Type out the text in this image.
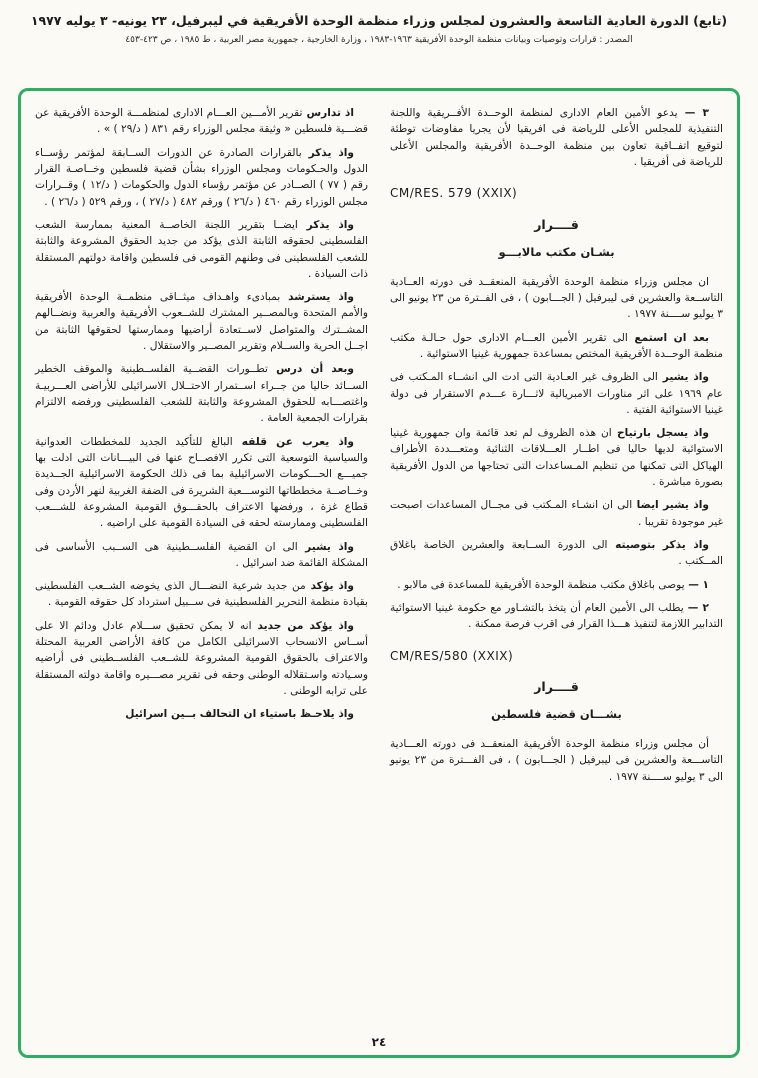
(تابع) الدورة العادية التاسعة والعشرون لمجلس وزراء منظمة الوحدة الأفريقية في ليبرفيل، ٢٣ يونيه- ٣ يوليه ١٩٧٧
المصدر : قرارات وتوصيات وبيانات منظمة الوحدة الأفريقية ١٩٦٣-١٩٨٣ ، وزارة الخارجية ، جمهورية مصر العربية ، ط ١٩٨٥ ، ص ٤٢٣-٤٥٣
٣ — يدعو الأمين العام الادارى لمنظمة الوحــدة الأفــريقية واللجنة التنفيذية للمجلس الأعلى للرياضة فى افريقيا لأن يجريا مفاوضات توطئة لتوقيع اتفــاقية تعاون بين منظمة الوحــدة الأفريقية والمجلس الأعلى للرياضة فى أفريقيا .
CM/RES. 579 (XXIX)
قــــرار
بشـان مكتب مالابـــو
ان مجلس وزراء منظمة الوحدة الأفريقية المنعقــد فى دورته العــادية التاســعة والعشرين فى ليبرفيل ( الجـــابون ) ، فى الفــترة من ٢٣ يونيو الى ٣ يوليو ســــنة ١٩٧٧ .
بعد ان استمع الى تقرير الأمين العـــام الادارى حول حـالـة مكتب منظمة الوحــدة الأفريقية المختص بمساعدة جمهورية غينيا الاستوائية .
واذ يشير الى الظروف غير العـادية التى ادت الى انشــاء المـكتب فى عام ١٩٦٩ على اثر مناورات الامبريالية لاثـــارة عـــدم الاستقرار فى دولة غينيا الاستوائية الفتية .
واذ يسجل بارتياح ان هذه الظروف لم تعد قائمة وان جمهورية غينيا الاستوائية لديها حاليا فى اطــار العـــلاقات الثنائية ومتعـــددة الأطراف الهياكل التى تمكنها من تنظيم المـساعدات التى تحتاجها من الدول الأفريقية بصورة مباشرة .
واذ يشير ايضا الى ان انشـاء المـكتب فى مجــال المساعدات اصبحت غير موجودة تقريبا .
واذ يذكر بتوصيته الى الدورة الســابعة والعشرين الخاصة باغلاق المــكتب .
١ — يوصى باغلاق مكتب منظمة الوحدة الأفريقية للمساعدة فى مالابو .
٢ — يطلب الى الأمين العام أن يتخذ بالتشـاور مع حكومة غينيا الاستوائية التدابير اللازمة لتنفيذ هـــذا القرار فى اقرب فرصة ممكنة .
CM/RES/580 (XXIX)
قــــرار
بشـــان قضية فلسطين
أن مجلس وزراء منظمة الوحدة الأفريقية المنعقــد فى دورته العـــادية التاســـعة والعشرين فى ليبرفيل ( الجـــابون ) ، فى الفـــترة من ٢٣ يونيو الى ٣ يوليو ســــنة ١٩٧٧ .
اذ تدارس تقرير الأمـــين العـــام الادارى لمنظمـــة الوحدة الأفريقية عن قضـــية فلسطين « وثيقة مجلس الوزراء رقم ٨٣١ ( د/٢٩ ) » .
واذ يذكر بالقرارات الصادرة عن الدورات الســابقة لمؤتمر رؤســاء الدول والحـكومات ومجلس الوزراء بشأن قضية فلسطين وخــاصـة القرار رقم ( ٧٧ ) الصــادر عن مؤتمر رؤساء الدول والحكومات ( د/١٢ ) وقــرارات مجلس الوزراء رقم ٤٦٠ ( د/٢٦ ) ورقم ٤٨٢ ( د/٢٧ ) ، ورقم ٥٢٩ ( د/٢٦ ) .
واذ يذكر ايضــا بتقرير اللجنة الخاصــة المعنية بممارسة الشعب الفلسطينى لحقوقه الثابتة الذى يؤكد من جديد الحقوق المشروعة والثابتة للشعب الفلسطينى فى وطنهم القومى فى فلسطين واقامة دولتهم المستقلة ذات السيادة .
واذ يسترشد بمبادىء واهـداف ميثــاقى منظمــة الوحدة الأفريقية والأمم المتحدة وبالمصــير المشترك للشــعوب الأفريقية والعربية ونضــالهم المشــترك والمتواصل لاســتعادة أراضيها وممارستها لحقوقها الثابتة من اجــل الحرية والســلام وتقرير المصــير والاستقلال .
وبعد أن درس تطــورات القضــية الفلســطينية والموقف الخطير الســائد حاليا من جــراء اســتمرار الاحتــلال الاسرائيلى للأراضى العـــربيـة واغتصـــابه للحقوق المشروعة والثابتة للشعب الفلسطينى ورفضه الالتزام بقرارات الجمعية العامة .
واذ يعرب عن قلقه البالغ للتأكيد الجديد للمخططات العدوانية والسياسية التوسعية التى تكرر الافصــاح عنها فى البيـــانات التى ادلت بها جميـــع الحـــكومات الاسرائيلية بما فى ذلك الحكومة الاسرائيلية الجــديدة وخــاصــة مخططاتها التوســـعية الشريرة فى الضفة الغربية لنهر الأردن وفى قطاع غزة ، ورفضها الاعتراف بالحقـــوق القومية المشروعة للشـــعب الفلسطينى وممارسته لحقه فى السيادة القومية على اراضيه .
واذ يشير الى ان القضية الفلســطينية هى الســبب الأساسى فى المشكلة القائمة ضد اسرائيل .
واذ يؤكد من جديد شرعية النضـــال الذى يخوضه الشــعب الفلسطينى بقيادة منظمة التحرير الفلسطينية فى ســبيل استرداد كل حقوقه القومية .
واذ يؤكد من جديد انه لا يمكن تحقيق ســـلام عادل ودائم الا على أســاس الانسحاب الاسرائيلى الكامل من كافة الأراضى العربية المحتلة والاعتراف بالحقوق القومية المشروعة للشــعب الفلســطينى فى أراضيه وسـيادته واسـتقلاله الوطنى وحقه فى تقرير مصـــيره واقامة دولته المستقلة على ترابه الوطنى .
واذ يلاحـظ باستياء ان التحالف بــين اسرائيل
٢٤
